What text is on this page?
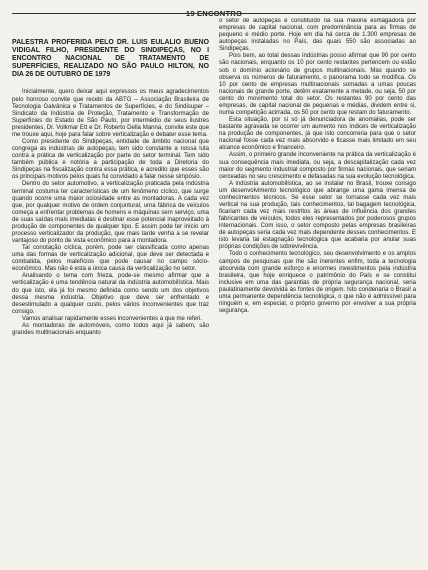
19 ENCONTRO
PALESTRA PROFERIDA PELO DR. LUIS EULALIO BUENO VIDIGAL FILHO, PRESIDENTE DO SINDIPEÇAS, NO I ENCONTRO NACIONAL DE TRATAMENTO DE SUPERFÍCIES, REALIZADO NO SÃO PAULO HILTON, NO DIA 26 DE OUTUBRO DE 1979

Inicialmente, quero deixar aqui expressos os meus agradecimentos pelo honroso convite que recebi da ABTG – Associação Brasileira de Tecnologia Galvânica e Tratamentos de Superfícies, e do Sindisuper – Sindicato da Indústria de Proteção, Tratamento e Transformação de Superfícies do Estado de São Paulo, por intermédio de seus ilustres presidentes, Dr. Volkmar Ett e Dr. Roberto Della Manna, convite este que me trouxe aqui, hoje para falar sobre verticalização e debater esse tema.

Como presidente do Sindipeças, entidade de âmbito nacional que congrega as indústrias de autopeças, tem sido constante a nossa luta contra a prática de verticalização por parte do setor terminal. Tem sido também pública e notória a participação de toda a Diretoria do Sindipeças na fiscalização contra essa prática, e acredito que esses são os principais motivos pelos quais fui convidado a falar nesse simpósio.

Dentro do setor automotivo, a verticalização praticada pela indústria terminal costuma ter características de um fenômeno cíclico, que surge quando ocorre uma maior ociosidade entre as montadoras. A cada vez que, por qualquer motivo de ordem conjuntural, uma fábrica de veículos começa a enfrentar problemas de homens e máquinas sem serviço, uma de suas saídas mais imediatas é destinar esse potencial inaproveitado à produção de componentes de qualquer tipo. E assim pode ter início um processo verticalizador da produção, que mais tarde venha a se revelar vantajoso do ponto de vista econômico para a montadora.

Tal conotação cíclica, porém, pode ser classificada como apenas uma das formas de verticalização adicional, que deve ser detectada e combatida, pelos malefícios que pode causar no campo sócio-econômico. Mas não é esta a única causa da verticalização no setor.

Analisando o tema com frieza, pode-se mesmo afirmar que a verticalização é uma tendência natural da indústria automobilística. Mais do que isto, ela já foi mesmo definida como sendo um dos objetivos dessa mesma indústria. Objetivo que deve ser enfrentado e desestimulado a qualquer custo, pelos vários inconvenientes que traz consigo.

Vamos analisar rapidamente esses inconvenientes a que me referi.

As montadoras de automóveis, como todos aqui já sabem, são grandes multinacionais enquanto

o setor de autopeças é constituído na sua maioria esmagadora por empresas de capital nacional, com predominância para as firmas de pequeno e médio porte. Hoje em dia há cerca de 1.300 empresas de autopeças instaladas no País, das quais 550 são associadas ao Sindipeças.

Pois bem, ao total dessas indústrias posso afirmar que 90 por cento são nacionais, enquanto os 10 por cento restantes pertencem ou estão sob o domínio acionário de grupos multinacionais. Mas quando se observa os números de faturamento, o panorama todo se modifica. Os 10 por cento de empresas multinacionais somadas a umas poucas nacionais de grande porte, detêm exatamente a metade, ou seja, 50 por cento do movimento total do setor. Os restantes 90 por cento das empresas, de capital nacional de pequenas e médias, dividem entre si, numa competição acirrada, os 50 por cento que restam do faturamento.

Esta situação, por si só já denunciadora de anomalias, pode ser bastante agravada se ocorrer um aumento nos índices de verticalização na produção de componentes, já que isto concorreria para que o setor nacional fosse cada vez mais absorvido e ficasse mais limitado em seu alcance econômico e financeiro.

Assim, o primeiro grande inconveniente na prática da verticalização é sua consequência mais imediata, ou seja, a descapitalização cada vez maior do segmento industrial composto por firmas nacionais, que seriam cerceadas no seu crescimento e defasadas na sua evolução tecnológica.

A indústria automobilística, ao se instalar no Brasil, trouxe consigo um desenvolvimento tecnológico que abrange uma gama imensa de conhecimentos técnicos. Se esse setor se tornasse cada vez mais vertical na sua produção, tais conhecimentos, tal bagagem tecnológica, ficariam cada vez mais restritos às áreas de influência dos grandes fabricantes de veículos, todos eles representados por poderosos grupos internacionais. Com isso, o setor composto pelas empresas brasileiras de autopeças seria cada vez mais dependente desses conhecimentos. E isto levaria tal estagnação tecnológica que acabaria por anular suas próprias condições de sobrevivência.

Todo o conhecimento tecnológico, seu desenvolvimento e os amplos campos de pesquisas que lhe são inerentes enfim, toda a tecnologia absorvida com grande esforço e enormes investimentos pela indústria brasileira, que hoje enriquece o patrimônio do País e se constitui inclusive em uma das garantias de própria segurança nacional, seria paulatinamente devolvida às fontes de origem. Isto condenaria o Brasil a uma permanente dependência tecnológica, o que não é admissível para ninguém e, em especial, o próprio governo por envolver a sua própria segurança.
